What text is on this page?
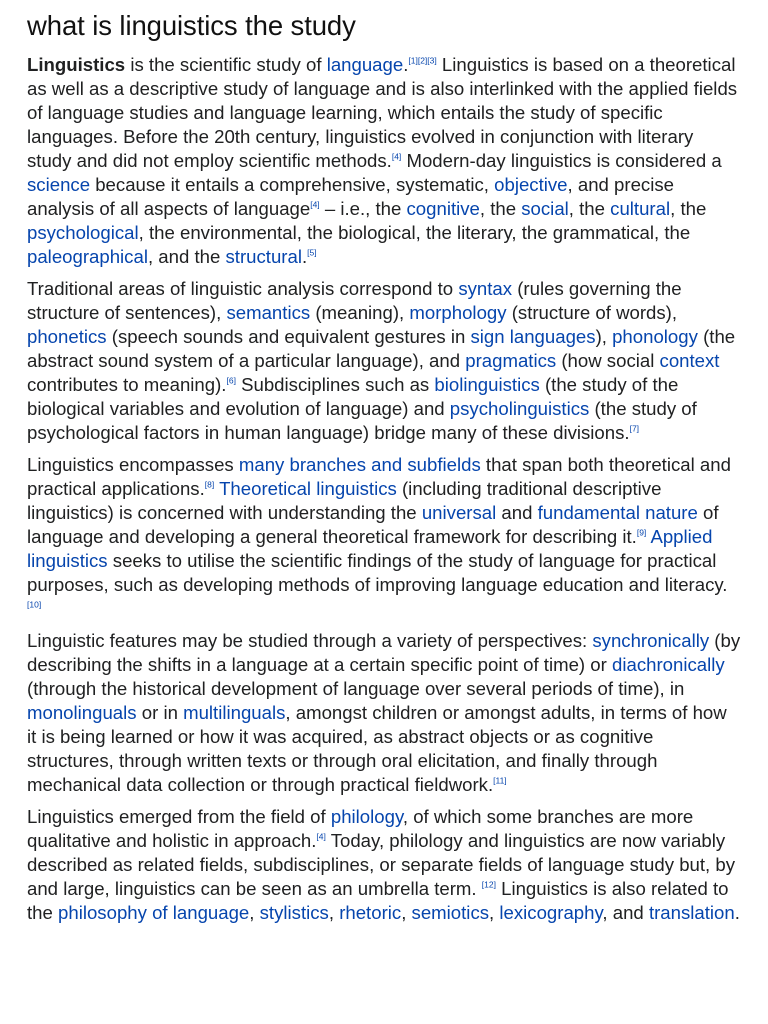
what is linguistics the study

Linguistics is the scientific study of language.[1][2][3] Linguistics is based on a theoretical as well as a descriptive study of language and is also interlinked with the applied fields of language studies and language learning, which entails the study of specific languages. Before the 20th century, linguistics evolved in conjunction with literary study and did not employ scientific methods.[4] Modern-day linguistics is considered a science because it entails a comprehensive, systematic, objective, and precise analysis of all aspects of language[4] – i.e., the cognitive, the social, the cultural, the psychological, the environmental, the biological, the literary, the grammatical, the paleographical, and the structural.[5]

Traditional areas of linguistic analysis correspond to syntax (rules governing the structure of sentences), semantics (meaning), morphology (structure of words), phonetics (speech sounds and equivalent gestures in sign languages), phonology (the abstract sound system of a particular language), and pragmatics (how social context contributes to meaning).[6] Subdisciplines such as biolinguistics (the study of the biological variables and evolution of language) and psycholinguistics (the study of psychological factors in human language) bridge many of these divisions.[7]

Linguistics encompasses many branches and subfields that span both theoretical and practical applications.[8] Theoretical linguistics (including traditional descriptive linguistics) is concerned with understanding the universal and fundamental nature of language and developing a general theoretical framework for describing it.[9] Applied linguistics seeks to utilise the scientific findings of the study of language for practical purposes, such as developing methods of improving language education and literacy.[10]

Linguistic features may be studied through a variety of perspectives: synchronically (by describing the shifts in a language at a certain specific point of time) or diachronically (through the historical development of language over several periods of time), in monolinguals or in multilinguals, amongst children or amongst adults, in terms of how it is being learned or how it was acquired, as abstract objects or as cognitive structures, through written texts or through oral elicitation, and finally through mechanical data collection or through practical fieldwork.[11]

Linguistics emerged from the field of philology, of which some branches are more qualitative and holistic in approach.[4] Today, philology and linguistics are now variably described as related fields, subdisciplines, or separate fields of language study but, by and large, linguistics can be seen as an umbrella term. [12] Linguistics is also related to the philosophy of language, stylistics, rhetoric, semiotics, lexicography, and translation.
